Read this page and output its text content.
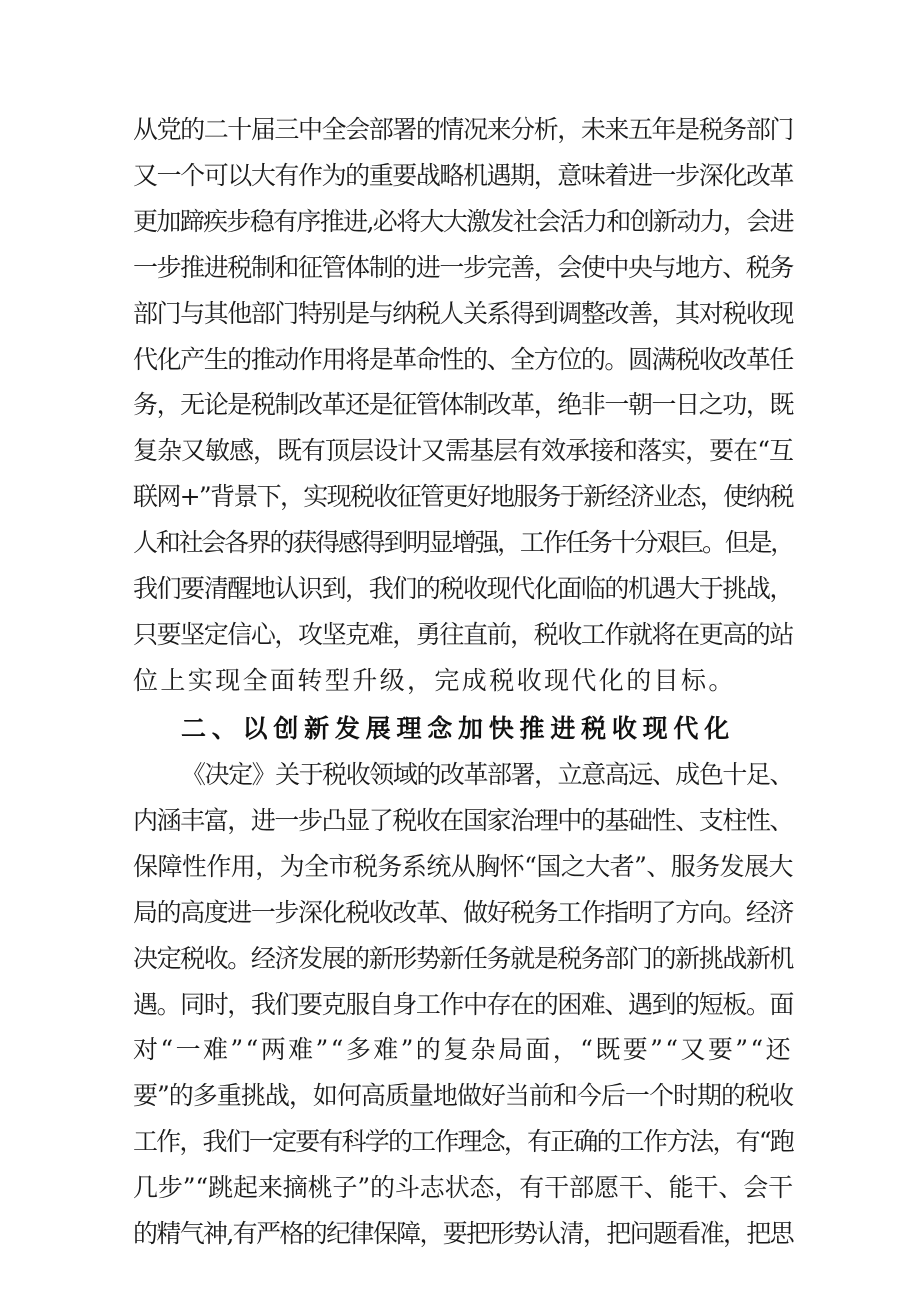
从党的二十届三中全会部署的情况来分析，未来五年是税务部门
又一个可以大有作为的重要战略机遇期，意味着进一步深化改革
更加蹄疾步稳有序推进,必将大大激发社会活力和创新动力，会进
一步推进税制和征管体制的进一步完善，会使中央与地方、税务
部门与其他部门特别是与纳税人关系得到调整改善，其对税收现
代化产生的推动作用将是革命性的、全方位的。圆满税收改革任
务，无论是税制改革还是征管体制改革，绝非一朝一日之功，既
复杂又敏感，既有顶层设计又需基层有效承接和落实，要在“互
联网+”背景下，实现税收征管更好地服务于新经济业态，使纳税
人和社会各界的获得感得到明显增强，工作任务十分艰巨。但是，
我们要清醒地认识到，我们的税收现代化面临的机遇大于挑战，
只要坚定信心，攻坚克难，勇往直前，税收工作就将在更高的站
位上实现全面转型升级，完成税收现代化的目标。
二、以创新发展理念加快推进税收现代化
《决定》关于税收领域的改革部署，立意高远、成色十足、
内涵丰富，进一步凸显了税收在国家治理中的基础性、支柱性、
保障性作用，为全市税务系统从胸怀“国之大者”、服务发展大
局的高度进一步深化税收改革、做好税务工作指明了方向。经济
决定税收。经济发展的新形势新任务就是税务部门的新挑战新机
遇。同时，我们要克服自身工作中存在的困难、遇到的短板。面
对“一难”“两难”“多难”的复杂局面，“既要”“又要”“还
要”的多重挑战，如何高质量地做好当前和今后一个时期的税收
工作，我们一定要有科学的工作理念，有正确的工作方法，有“跑
几步”“跳起来摘桃子”的斗志状态，有干部愿干、能干、会干
的精气神,有严格的纪律保障，要把形势认清，把问题看准，把思
